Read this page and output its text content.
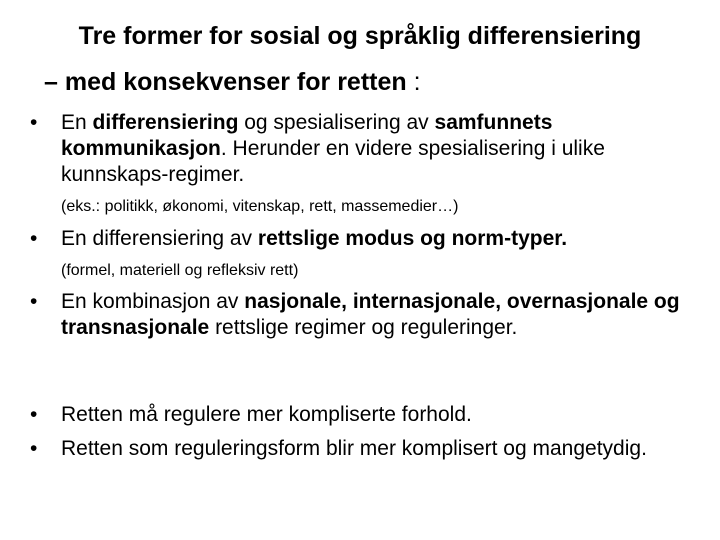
Tre former for sosial og språklig differensiering
– med konsekvenser for retten :
• En differensiering og spesialisering av samfunnets kommunikasjon. Herunder en videre spesialisering i ulike kunnskaps-regimer.
(eks.: politikk, økonomi, vitenskap, rett, massemedier…)
• En differensiering av rettslige modus og norm-typer.
(formel, materiell og refleksiv rett)
• En kombinasjon av nasjonale, internasjonale, overnasjonale og transnasjonale rettslige regimer og reguleringer.
• Retten må regulere mer kompliserte forhold.
• Retten som reguleringsform blir mer komplisert og mangetydig.
